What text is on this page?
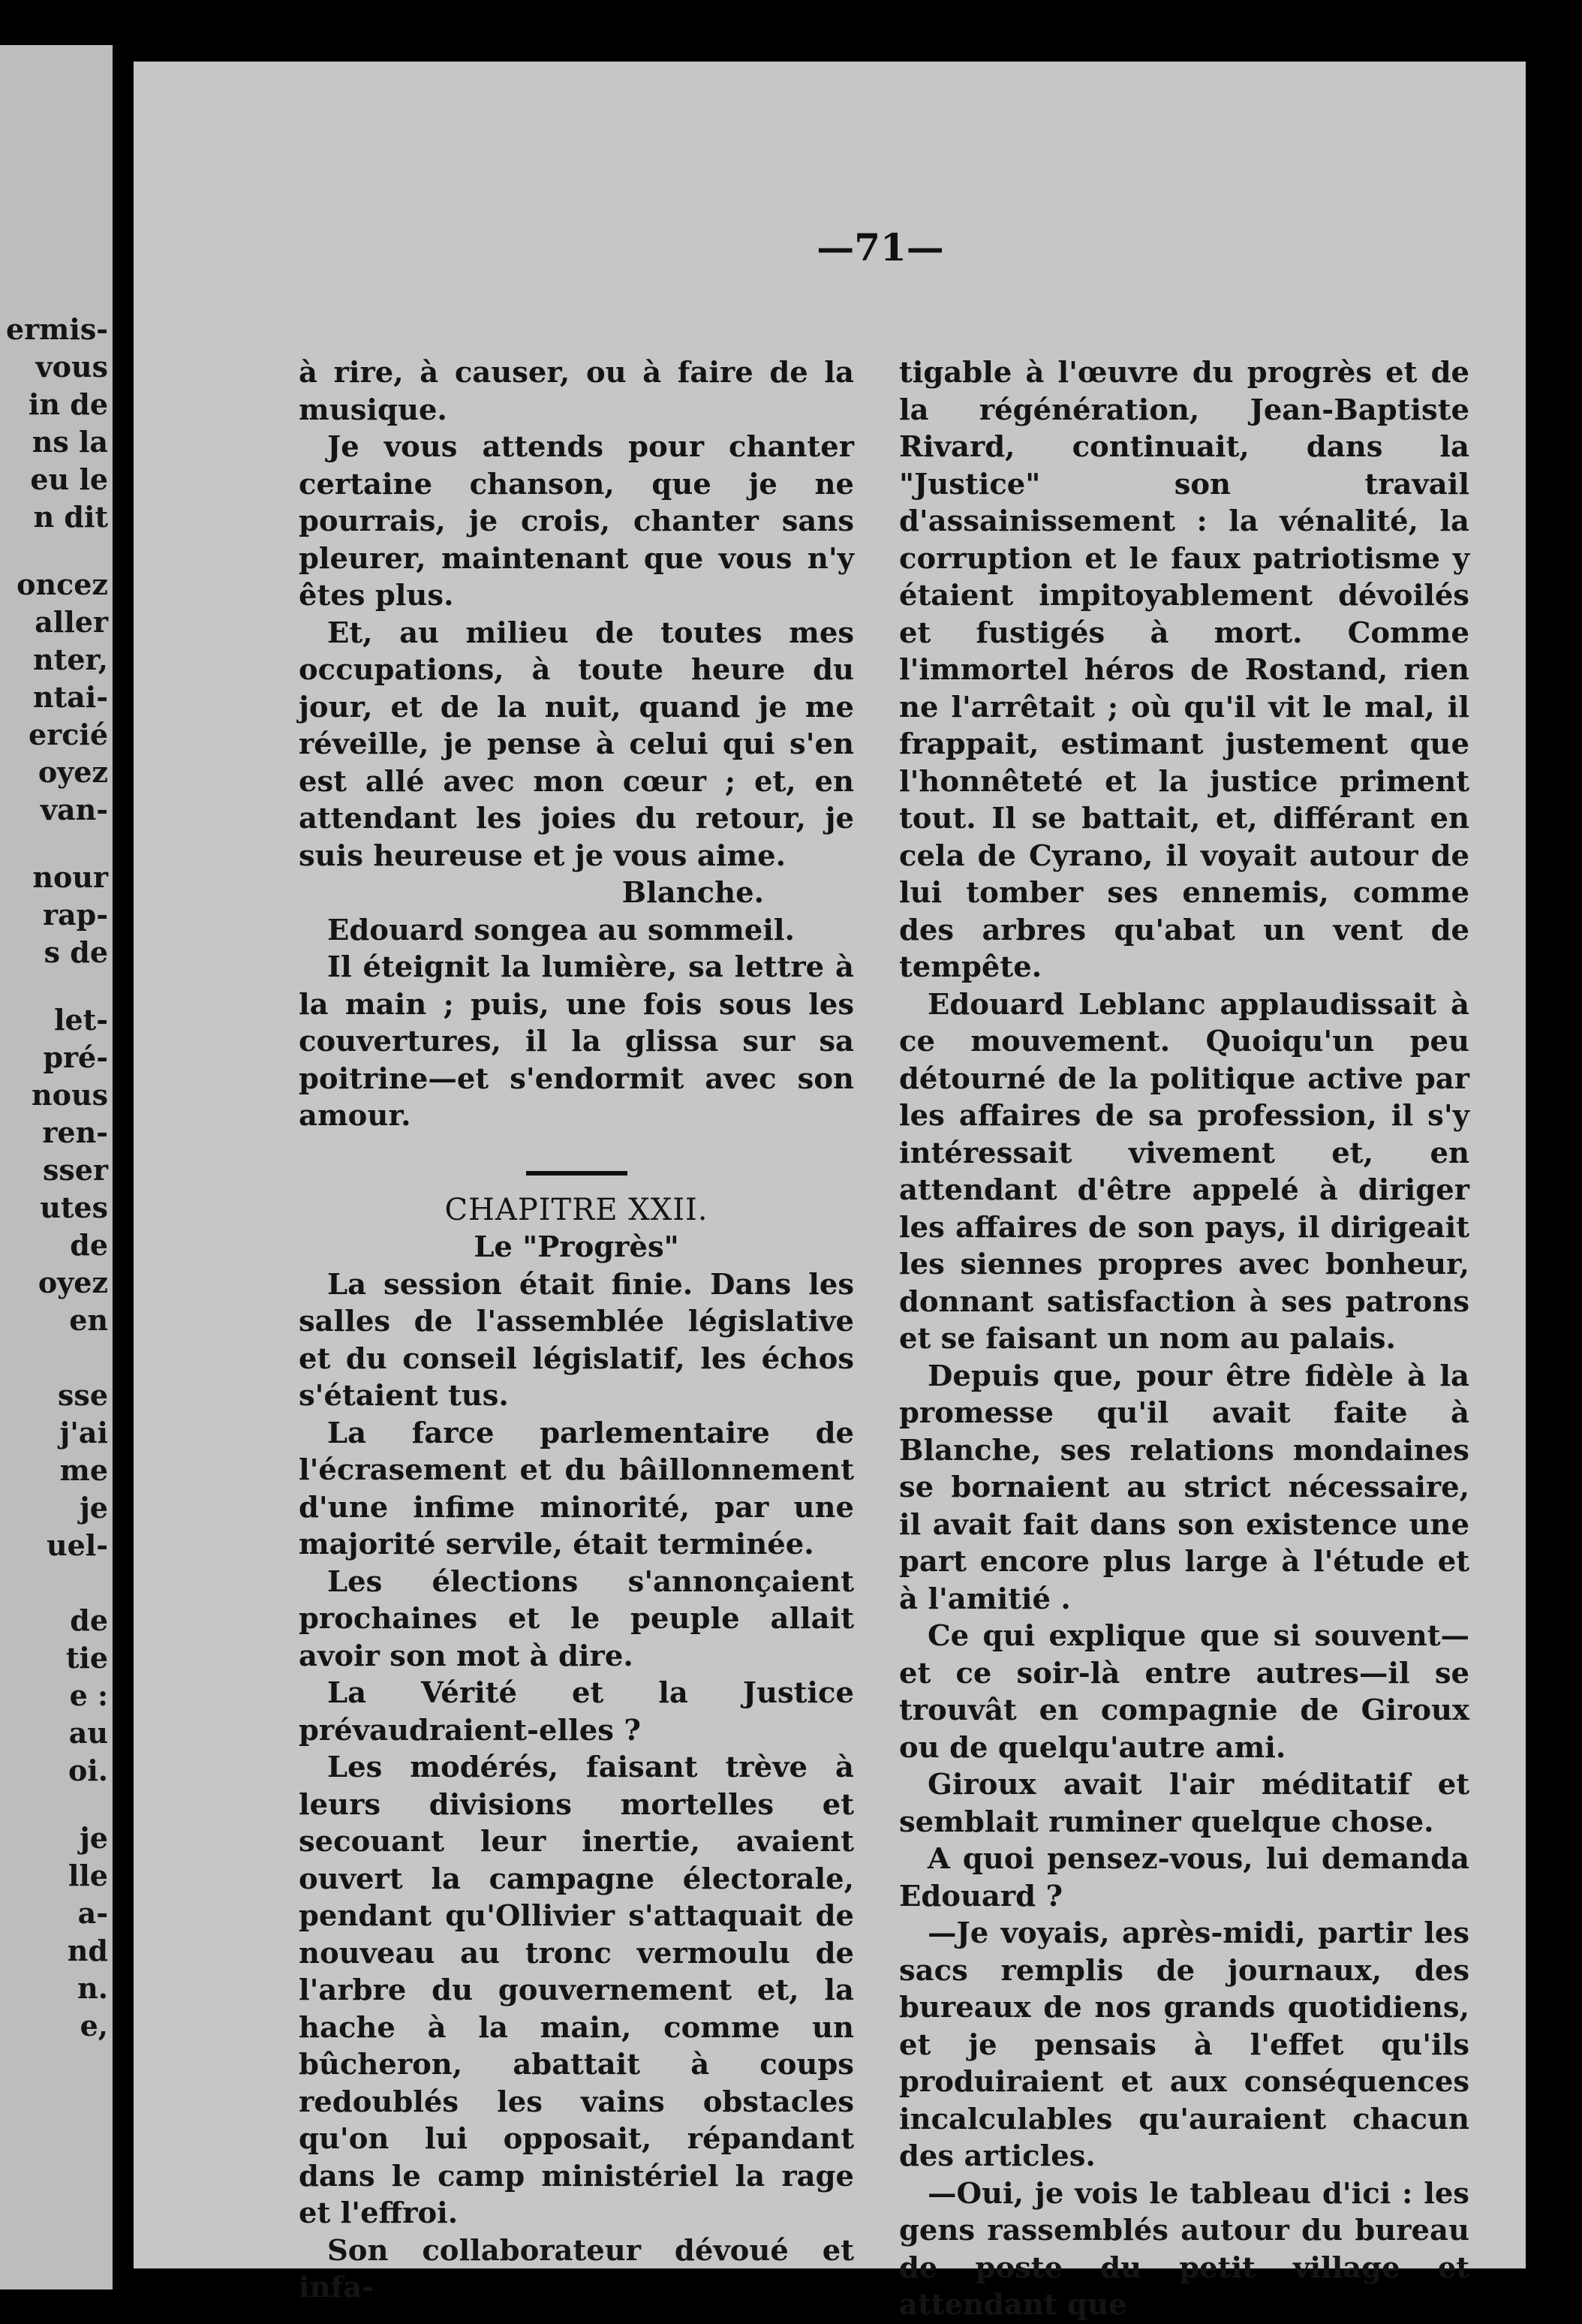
ermis-
vous
in de
ns la
eu le
n dit
oncez
aller
nter,
ntai-
ercié
oyez
van-
nour
rap-
s de
let-
pré-
nous
ren-
sser
utes
de
oyez
en
sse
j'ai
me
je
uel-
de
tie
e :
au
oi.
je
lle
a-
nd
n.
e,
—71—

à rire, à causer, ou à faire de la musique.

Je vous attends pour chanter certaine chanson, que je ne pourrais, je crois, chanter sans pleurer, maintenant que vous n'y êtes plus.

Et, au milieu de toutes mes occupations, à toute heure du jour, et de la nuit, quand je me réveille, je pense à celui qui s'en est allé avec mon cœur ; et, en attendant les joies du retour, je suis heureuse et je vous aime.

Blanche.

Edouard songea au sommeil.

Il éteignit la lumière, sa lettre à la main ; puis, une fois sous les couvertures, il la glissa sur sa poitrine—et s'endormit avec son amour.

CHAPITRE XXII.

Le "Progrès"

La session était finie. Dans les salles de l'assemblée législative et du conseil législatif, les échos s'étaient tus.

La farce parlementaire de l'écrasement et du bâillonnement d'une infime minorité, par une majorité servile, était terminée.

Les élections s'annonçaient prochaines et le peuple allait avoir son mot à dire.

La Vérité et la Justice prévaudraient-elles ?

Les modérés, faisant trève à leurs divisions mortelles et secouant leur inertie, avaient ouvert la campagne électorale, pendant qu'Ollivier s'attaquait de nouveau au tronc vermoulu de l'arbre du gouvernement et, la hache à la main, comme un bûcheron, abattait à coups redoublés les vains obstacles qu'on lui opposait, répandant dans le camp ministériel la rage et l'effroi.

Son collaborateur dévoué et infa-

tigable à l'œuvre du progrès et de la régénération, Jean-Baptiste Rivard, continuait, dans la "Justice" son travail d'assainissement : la vénalité, la corruption et le faux patriotisme y étaient impitoyablement dévoilés et fustigés à mort. Comme l'immortel héros de Rostand, rien ne l'arrêtait ; où qu'il vit le mal, il frappait, estimant justement que l'honnêteté et la justice priment tout. Il se battait, et, différant en cela de Cyrano, il voyait autour de lui tomber ses ennemis, comme des arbres qu'abat un vent de tempête.

Edouard Leblanc applaudissait à ce mouvement. Quoiqu'un peu détourné de la politique active par les affaires de sa profession, il s'y intéressait vivement et, en attendant d'être appelé à diriger les affaires de son pays, il dirigeait les siennes propres avec bonheur, donnant satisfaction à ses patrons et se faisant un nom au palais.

Depuis que, pour être fidèle à la promesse qu'il avait faite à Blanche, ses relations mondaines se bornaient au strict nécessaire, il avait fait dans son existence une part encore plus large à l'étude et à l'amitié .

Ce qui explique que si souvent—et ce soir-là entre autres—il se trouvât en compagnie de Giroux ou de quelqu'autre ami.

Giroux avait l'air méditatif et semblait ruminer quelque chose.

A quoi pensez-vous, lui demanda Edouard ?

—Je voyais, après-midi, partir les sacs remplis de journaux, des bureaux de nos grands quotidiens, et je pensais à l'effet qu'ils produiraient et aux conséquences incalculables qu'auraient chacun des articles.

—Oui, je vois le tableau d'ici : les gens rassemblés autour du bureau de poste du petit village et attendant que
